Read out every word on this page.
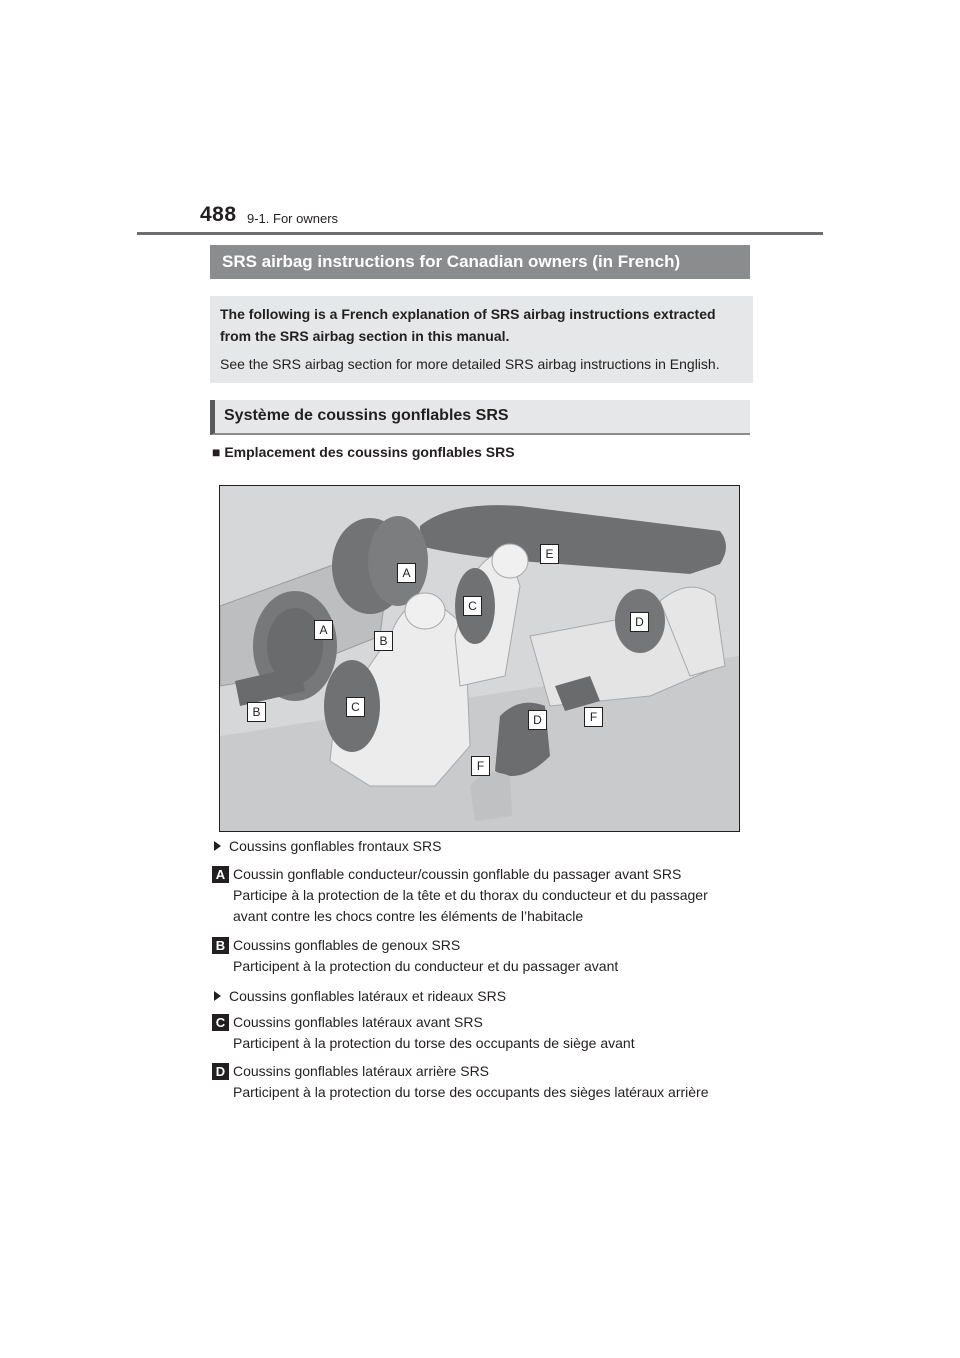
488 9-1. For owners
SRS airbag instructions for Canadian owners (in French)
The following is a French explanation of SRS airbag instructions extracted
from the SRS airbag section in this manual.
See the SRS airbag section for more detailed SRS airbag instructions in English.
Système de coussins gonflables SRS
■ Emplacement des coussins gonflables SRS
A
A
B
B	C
C
D
D
E
F
F
Coussins gonflables frontaux SRS
A Coussin gonflable conducteur/coussin gonflable du passager avant SRS
Participe à la protection de la tête et du thorax du conducteur et du passager
avant contre les chocs contre les éléments de l’habitacle
B Coussins gonflables de genoux SRS
Participent à la protection du conducteur et du passager avant
Coussins gonflables latéraux et rideaux SRS
C Coussins gonflables latéraux avant SRS
Participent à la protection du torse des occupants de siège avant
D Coussins gonflables latéraux arrière SRS
Participent à la protection du torse des occupants des sièges latéraux arrière
